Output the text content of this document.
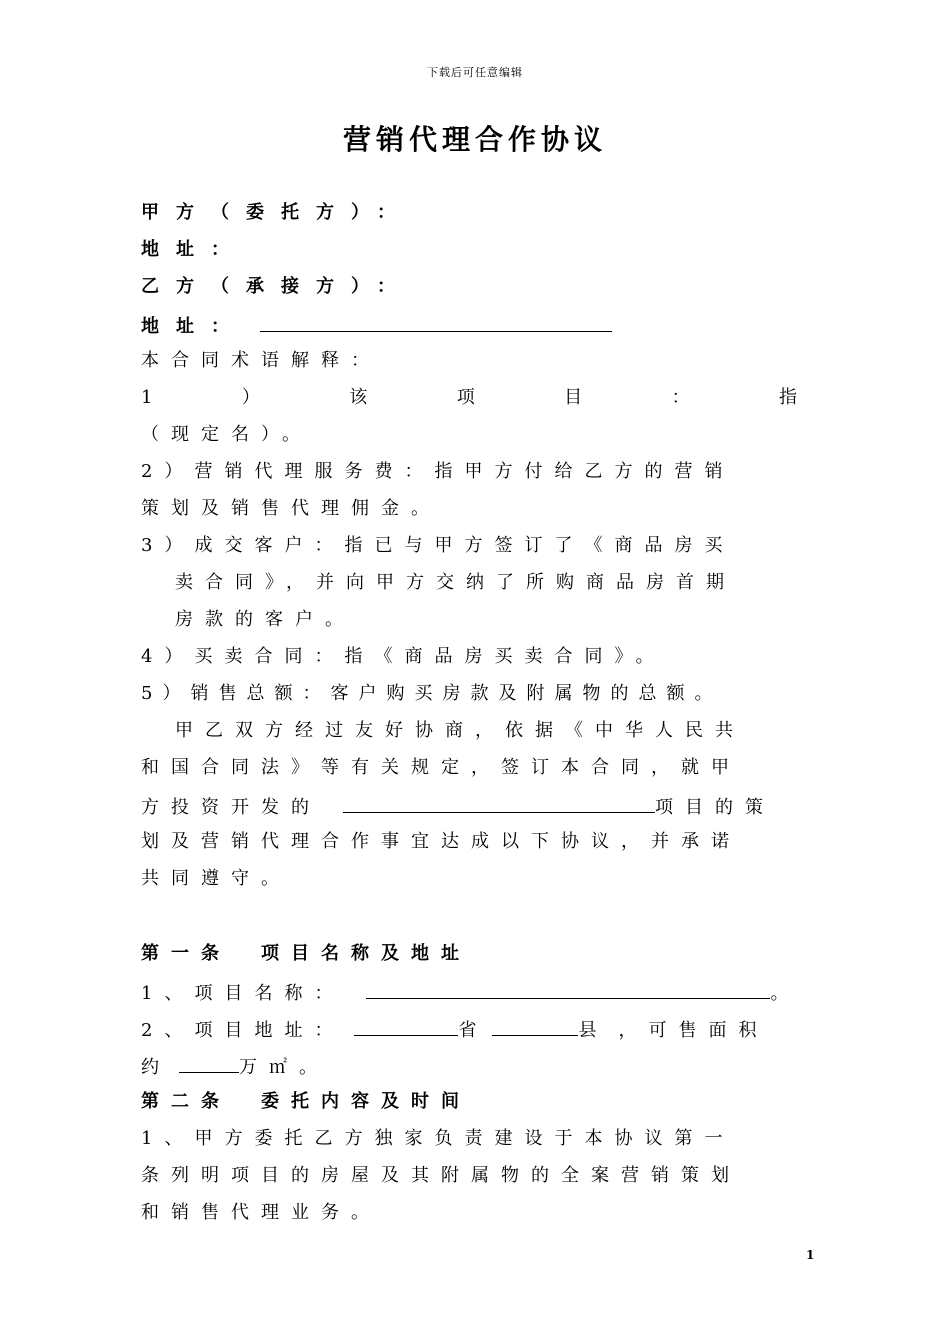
下载后可任意编辑
营销代理合作协议
甲方（委托方）：
地址：
乙方（承接方）：
地址：
本合同术语解释：
1	）	该	项	目	：	指
（现定名）。
2）营销代理服务费：指甲方付给乙方的营销
策划及销售代理佣金。
3）成交客户：指已与甲方签订了《商品房买
卖合同》，并向甲方交纳了所购商品房首期
房款的客户。
4）买卖合同：指《商品房买卖合同》。
5）销售总额：客户购买房款及附属物的总额。
甲乙双方经过友好协商，依据《中华人民共
和国合同法》等有关规定，签订本合同，就甲
方投资开发的	项目的策
划及营销代理合作事宜达成以下协议，并承诺
共同遵守。
第一条　项目名称及地址
1、项目名称：	。
2、项目地址：	省	县 ，可售面积
约	万㎡。
第二条　委托内容及时间
1、甲方委托乙方独家负责建设于本协议第一
条列明项目的房屋及其附属物的全案营销策划
和销售代理业务。
1
